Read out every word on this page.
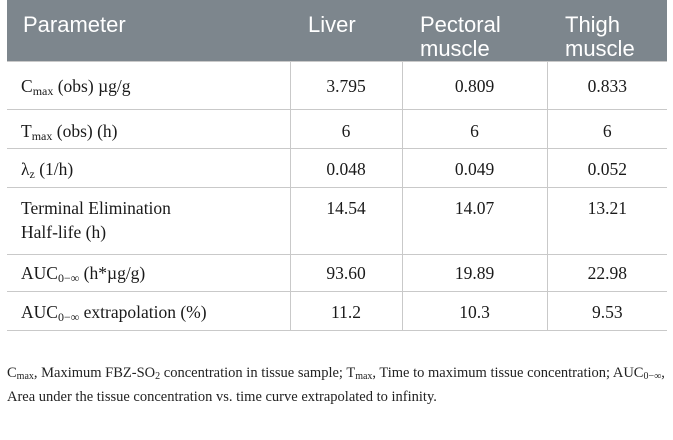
Parameter	Liver	Pectoral muscle	Thigh muscle
$C_{max}$ (obs) µg/g	3.795	0.809	0.833
$T_{max}$ (obs) (h)	6	6	6
$\lambda_z$ (1/h)	0.048	0.049	0.052
Terminal Elimination Half-life (h)	14.54	14.07	13.21
$AUC_{0-\infty}$ (h*µg/g)	93.60	19.89	22.98
$AUC_{0-\infty}$ extrapolation (%)	11.2	10.3	9.53
$C_{max}$, Maximum FBZ-$SO_2$ concentration in tissue sample; $T_{max}$, Time to maximum tissue concentration; $AUC_{0-\infty}$, Area under the tissue concentration vs. time curve extrapolated to infinity.
